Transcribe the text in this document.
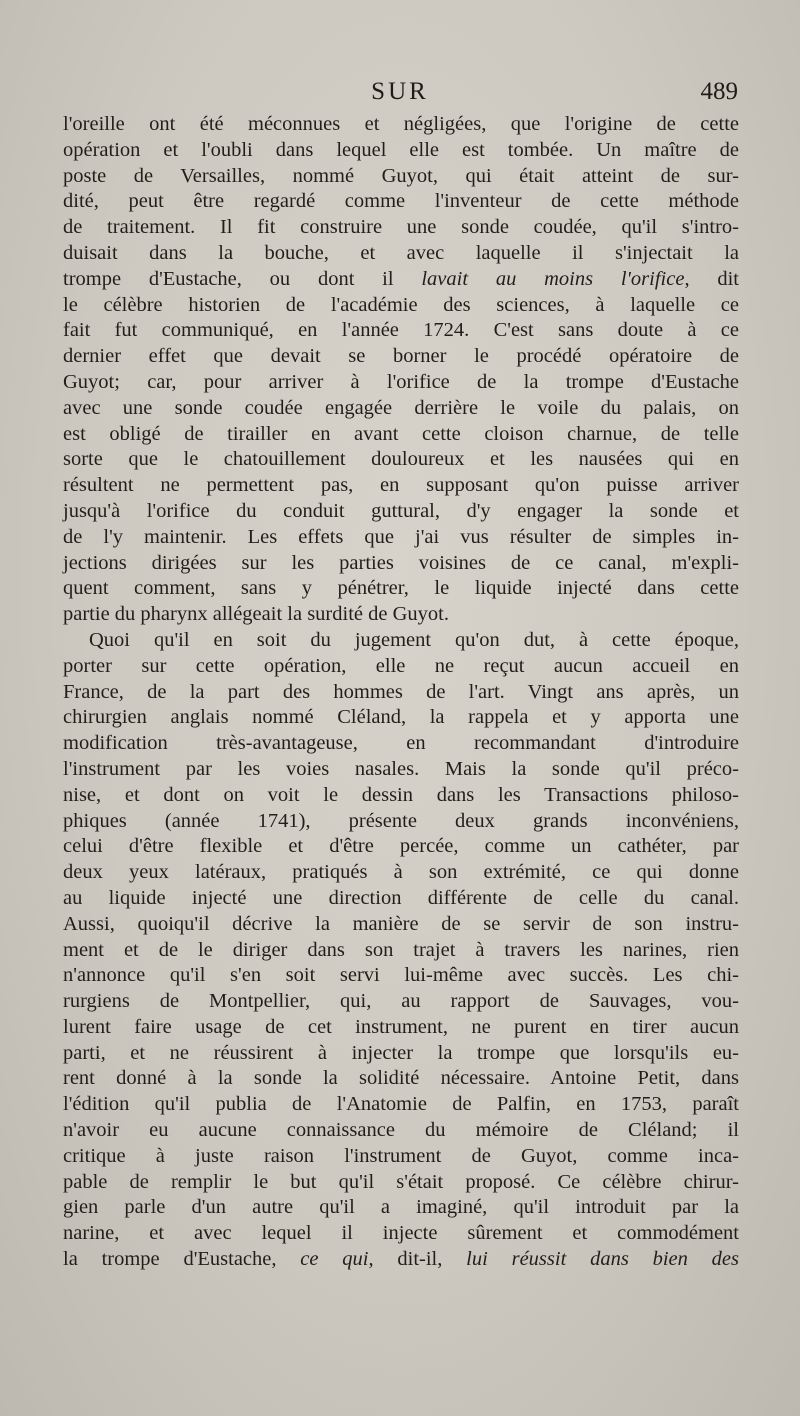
SUR	489
l'oreille ont été méconnues et négligées, que l'origine de cette
opération et l'oubli dans lequel elle est tombée. Un maître de
poste de Versailles, nommé Guyot, qui était atteint de sur-
dité, peut être regardé comme l'inventeur de cette méthode
de traitement. Il fit construire une sonde coudée, qu'il s'intro-
duisait dans la bouche, et avec laquelle il s'injectait la
trompe d'Eustache, ou dont il lavait au moins l'orifice, dit
le célèbre historien de l'académie des sciences, à laquelle ce
fait fut communiqué, en l'année 1724. C'est sans doute à ce
dernier effet que devait se borner le procédé opératoire de
Guyot; car, pour arriver à l'orifice de la trompe d'Eustache
avec une sonde coudée engagée derrière le voile du palais, on
est obligé de tirailler en avant cette cloison charnue, de telle
sorte que le chatouillement douloureux et les nausées qui en
résultent ne permettent pas, en supposant qu'on puisse arriver
jusqu'à l'orifice du conduit guttural, d'y engager la sonde et
de l'y maintenir. Les effets que j'ai vus résulter de simples in-
jections dirigées sur les parties voisines de ce canal, m'expli-
quent comment, sans y pénétrer, le liquide injecté dans cette
partie du pharynx allégeait la surdité de Guyot.
Quoi qu'il en soit du jugement qu'on dut, à cette époque,
porter sur cette opération, elle ne reçut aucun accueil en
France, de la part des hommes de l'art. Vingt ans après, un
chirurgien anglais nommé Cléland, la rappela et y apporta une
modification très-avantageuse, en recommandant d'introduire
l'instrument par les voies nasales. Mais la sonde qu'il préco-
nise, et dont on voit le dessin dans les Transactions philoso-
phiques (année 1741), présente deux grands inconvéniens,
celui d'être flexible et d'être percée, comme un cathéter, par
deux yeux latéraux, pratiqués à son extrémité, ce qui donne
au liquide injecté une direction différente de celle du canal.
Aussi, quoiqu'il décrive la manière de se servir de son instru-
ment et de le diriger dans son trajet à travers les narines, rien
n'annonce qu'il s'en soit servi lui-même avec succès. Les chi-
rurgiens de Montpellier, qui, au rapport de Sauvages, vou-
lurent faire usage de cet instrument, ne purent en tirer aucun
parti, et ne réussirent à injecter la trompe que lorsqu'ils eu-
rent donné à la sonde la solidité nécessaire. Antoine Petit, dans
l'édition qu'il publia de l'Anatomie de Palfin, en 1753, paraît
n'avoir eu aucune connaissance du mémoire de Cléland; il
critique à juste raison l'instrument de Guyot, comme inca-
pable de remplir le but qu'il s'était proposé. Ce célèbre chirur-
gien parle d'un autre qu'il a imaginé, qu'il introduit par la
narine, et avec lequel il injecte sûrement et commodément
la trompe d'Eustache, ce qui, dit-il, lui réussit dans bien des
